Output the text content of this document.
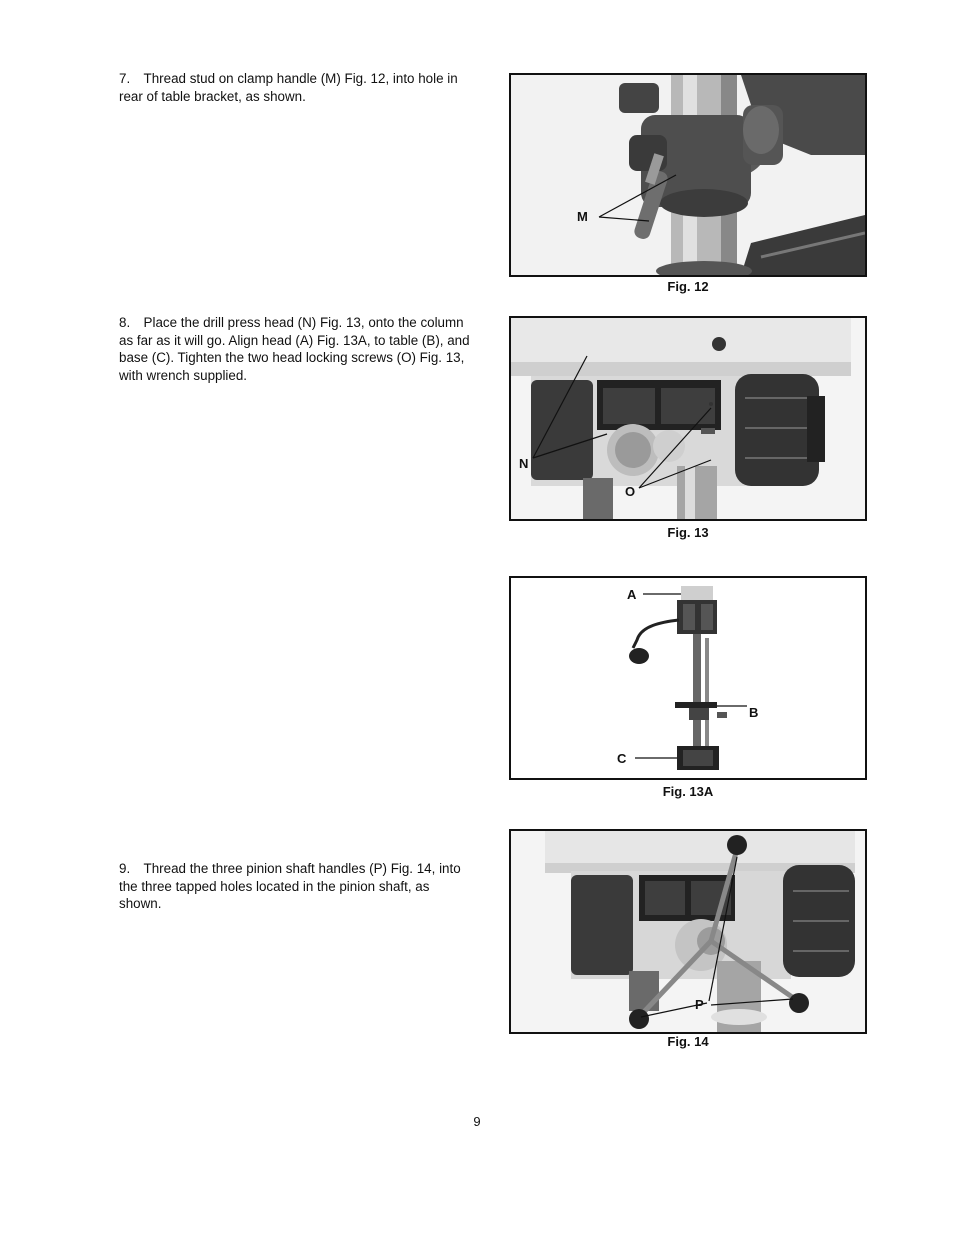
7. Thread stud on clamp handle (M) Fig. 12, into hole in rear of table bracket, as shown.
M
Fig. 12
8. Place the drill press head (N) Fig. 13, onto the column as far as it will go. Align head (A) Fig. 13A, to table (B), and base (C). Tighten the two head locking screws (O) Fig. 13, with wrench supplied.
N
O
Fig. 13
A
B
C
Fig. 13A
9. Thread the three pinion shaft handles (P) Fig. 14, into the three tapped holes located in the pinion shaft, as shown.
P
Fig. 14
9
